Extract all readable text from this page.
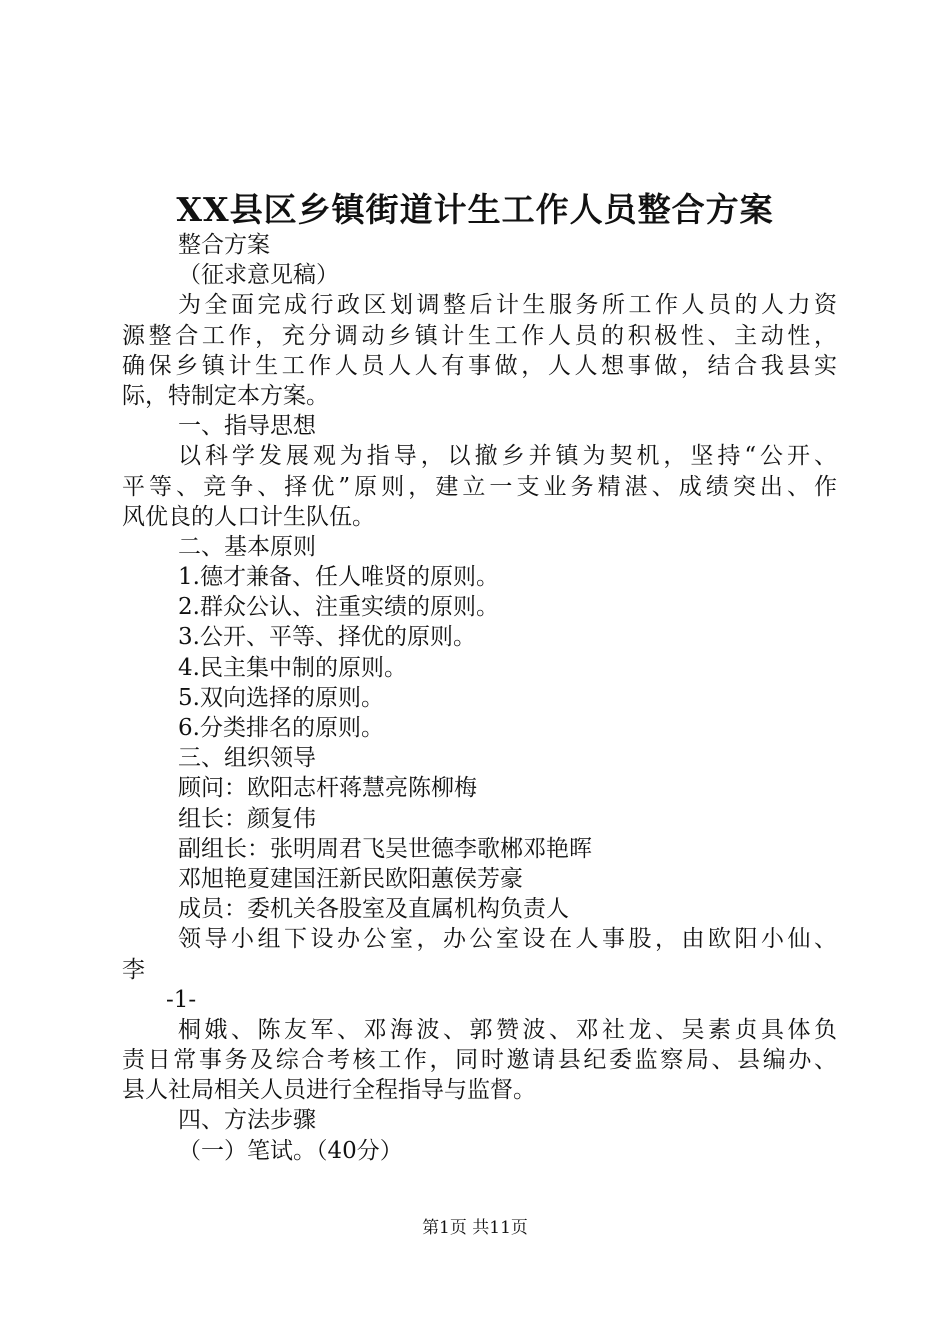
XX县区乡镇街道计生工作人员整合方案
整合方案
（征求意见稿）
为全面完成行政区划调整后计生服务所工作人员的人力资
源整合工作，充分调动乡镇计生工作人员的积极性、主动性，
确保乡镇计生工作人员人人有事做，人人想事做，结合我县实
际，特制定本方案。
一、指导思想
以科学发展观为指导，以撤乡并镇为契机，坚持“公开、
平等、竞争、择优”原则，建立一支业务精湛、成绩突出、作
风优良的人口计生队伍。
二、基本原则
1.德才兼备、任人唯贤的原则。
2.群众公认、注重实绩的原则。
3.公开、平等、择优的原则。
4.民主集中制的原则。
5.双向选择的原则。
6.分类排名的原则。
三、组织领导
顾问：欧阳志杆蒋慧亮陈柳梅
组长：颜复伟
副组长：张明周君飞吴世德李歌郴邓艳晖
邓旭艳夏建国汪新民欧阳蕙侯芳豪
成员：委机关各股室及直属机构负责人
领导小组下设办公室，办公室设在人事股，由欧阳小仙、
李
-1-
桐娥、陈友军、邓海波、郭赞波、邓社龙、吴素贞具体负
责日常事务及综合考核工作，同时邀请县纪委监察局、县编办、
县人社局相关人员进行全程指导与监督。
四、方法步骤
（一）笔试。（40分）
第1页 共11页
